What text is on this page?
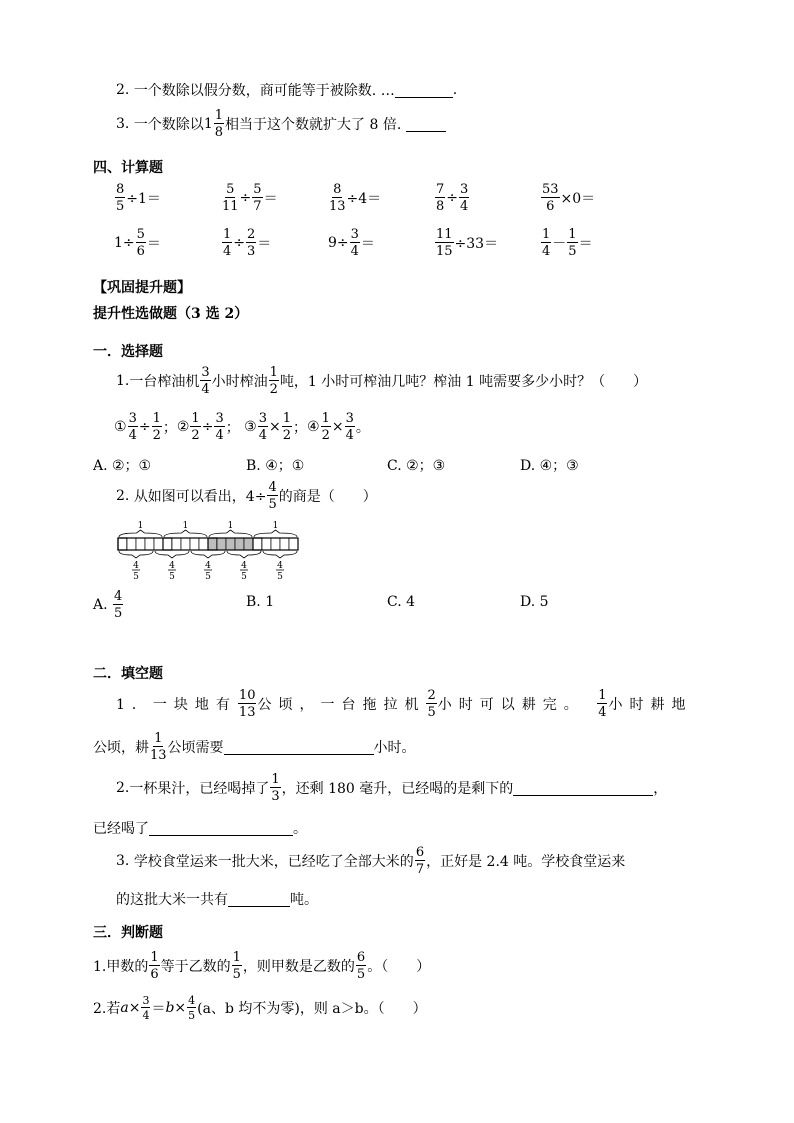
2.
一个数除以假分数，商可能等于被除数. …	.
3.
一个数除以 $1 \frac{1}{8}$ 相当于这个数就扩大了 8 倍.

四、计算题
$\frac{8}{5} \div 1=$	$\frac{5}{11} \div \frac{5}{7}$ ＝	$\frac{8}{13} \div 4=$	$\frac{7}{8} \div \frac{3}{4}$	$\frac{53}{6} \times 0=$
$1\div \frac{5}{6}$ ＝	$\frac{1}{4} \div \frac{2}{3}$ ＝	$9\div \frac{3}{4}$ ＝	$\frac{11}{15} \div 33=$	$\frac{1}{4} - \frac{1}{5}$ ＝
【巩固提升题】
提升性选做题（3 选 2）
一．选择题
1. 一台榨油机 $\frac{3}{4}$ 小时榨油 $\frac{1}{2}$ 吨，1 小时可榨油几吨？榨油 1 吨需要多少小时？（　　）
① $\frac{3}{4} \div \frac{1}{2}$ ； ② $\frac{1}{2} \div \frac{3}{4}$ ；
③ $\frac{3}{4} \times \frac{1}{2}$ ； ④ $\frac{1}{2} \times \frac{3}{4}$ 。
A. ②；①	B. ④；①	C. ②；③	D. ④；③
2.
从如图可以看出，$4\div \frac{4}{5}$ 的商是（　　）
1	1	1	1
4
5
4
5
4
5
4
5
4
5
A. $\frac{4}{5}$	B. 1	C. 4	D. 5
二．填空题
1． 一块地有 $\frac{10}{13}$ 公顷，一台拖拉机 $\frac{2}{5}$ 小时可以耕完。
$\frac{1}{4}$ 小时耕地
公顷，耕 $\frac{1}{13}$ 公顷需要	小时。
2. 一杯果汁，已经喝掉了 $\frac{1}{3}$ ，还剩 180 毫升，已经喝的是剩下的	，
已经喝了	。
3.
学校食堂运来一批大米，已经吃了全部大米的 $\frac{6}{7}$ ，正好是 2.4 吨。学校食堂运来
的这批大米一共有	吨。
三．判断题
1.甲数的 $\frac{1}{6}$ 等于乙数的 $\frac{1}{5}$ ，则甲数是乙数的 $\frac{6}{5}$ 。（　　）
2.若 $a \times \frac{3}{4} = b \times \frac{4}{5} (a$、b 均不为零)，则 a＞b。（　　）
